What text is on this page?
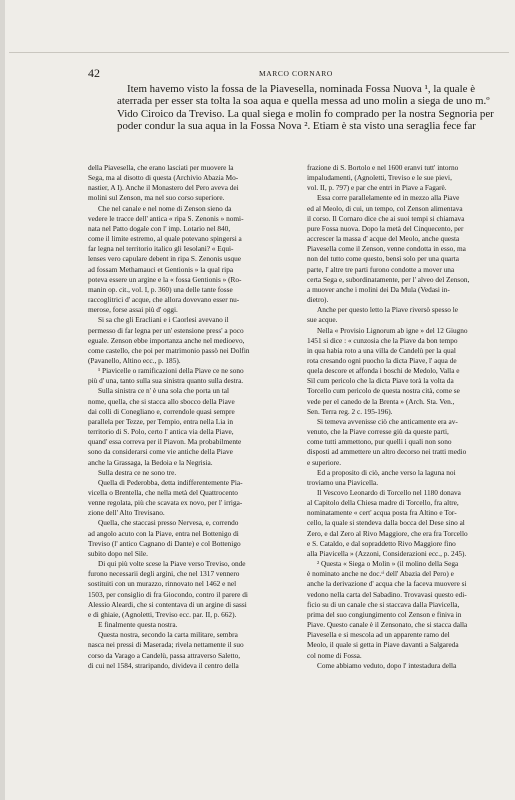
42	MARCO CORNARO
Item havemo visto la fossa de la Piavesella, nominada Fossa Nuova ¹, la quale è
aterrada per esser sta tolta la soa aqua e quella messa ad uno molin a siega de uno m.º
Vido Ciroico da Treviso. La qual siega e molin fo comprado per la nostra Segnoria per
poder condur la sua aqua in la Fossa Nova ². Etiam è sta visto una seraglia fece far
della Piavesella, che erano lasciati per muovere la
Sega, ma al disotto di questa (Archivio Abazia Mo-
nastier, A I). Anche il Monastero del Pero aveva dei
molini sul Zenson, ma nel suo corso superiore.
Che nel canale e nel nome di Zenson sieno da
vedere le tracce dell' antica « ripa S. Zenonis » nomi-
nata nel Patto dogale con l' imp. Lotario nel 840,
come il limite estremo, al quale potevano spingersi a
far legna nel territorio italico gli Iesolani? « Equi-
lenses vero capulare debent in ripa S. Zenonis usque
ad fossam Methamauci et Gentionis » la qual ripa
poteva essere un argine e la « fossa Gentionis » (Ro-
manin op. cit., vol. I, p. 360) una delle tante fosse
raccoglitrici d' acque, che allora dovevano esser nu-
merose, forse assai più d' oggi.
Si sa che gli Eracliani e i Caorlesi avevano il
permesso di far legna per un' estensione press' a poco
eguale. Zenson ebbe importanza anche nel medioevo,
come castello, che poi per matrimonio passò nei Dolfin
(Pavanello, Altino ecc., p. 185).
¹ Piavicelle o ramificazioni della Piave ce ne sono
più d' una, tanto sulla sua sinistra quanto sulla destra.
Sulla sinistra ce n' è una sola che porta un tal
nome, quella, che si stacca allo sbocco della Piave
dai colli di Conegliano e, correndole quasi sempre
parallela per Tezze, per Tempio, entra nella Lia in
territorio di S. Polo, certo l' antica via della Piave,
quand' essa correva per il Piavon. Ma probabilmente
sono da considerarsi come vie antiche della Piave
anche la Grassaga, la Bedoia e la Negrisia.
Sulla destra ce ne sono tre.
Quella di Pederobba, detta indifferentemente Pia-
vicella o Brentella, che nella metà del Quattrocento
venne regolata, più che scavata ex novo, per l' irriga-
zione dell' Alto Trevisano.
Quella, che staccasi presso Nervesa, e, correndo
ad angolo acuto con la Piave, entra nel Bottenigo di
Treviso (l' antico Cagnano di Dante) e col Bottenigo
subito dopo nel Sile.
Di qui più volte scese la Piave verso Treviso, onde
furono necessarii degli argini, che nel 1317 vennero
sostituiti con un murazzo, rinnovato nel 1462 e nel
1503, per consiglio di fra Giocondo, contro il parere di
Alessio Aleardi, che si contentava di un argine di sassi
e di ghiaie, (Agnoletti, Treviso ecc. par. II, p. 662).
E finalmente questa nostra.
Questa nostra, secondo la carta militare, sembra
nasca nei pressi di Maserada; rivela nettamente il suo
corso da Varago a Candelù, passa attraverso Saletto,
di cui nel 1584, straripando, divideva il centro della
frazione di S. Bortolo e nel 1600 eranvi tutt' intorno
impaludamenti, (Agnoletti, Treviso e le sue pievi,
vol. II, p. 797) e par che entri in Piave a Fagarè.
Essa corre parallelamente ed in mezzo alla Piave
ed al Meolo, di cui, un tempo, col Zenson alimentava
il corso. Il Cornaro dice che ai suoi tempi si chiamava
pure Fossa nuova. Dopo la metà del Cinquecento, per
accrescer la massa d' acque del Meolo, anche questa
Piavesella come il Zenson, venne condotta in esso, ma
non del tutto come questo, bensì solo per una quarta
parte, l' altre tre parti furono condotte a mover una
certa Sega e, subordinatamente, per l' alveo del Zenson,
a muover anche i molini dei Da Mula (Vedasi in-
dietro).
Anche per questo letto la Piave riversò spesso le
sue acque.
Nella « Provisio Lignorum ab igne » del 12 Giugno
1451 si dice : « cunzosia che la Piave da bon tempo
in qua habia roto a una villa de Candelù per la qual
rota cresando ogni puocho la dicta Piave, l' aqua de
quela descore et affonda i boschi de Medolo, Valla e
Sil cum pericolo che la dicta Piave torà la volta da
Torcello cum pericolo de questa nostra cità, come se
vede per el canedo de la Brenta » (Arch. Sta. Ven.,
Sen. Terra reg. 2 c. 195-196).
Si temeva avvenisse ciò che anticamente era av-
venuto, che la Piave corresse giù da queste parti,
come tutti ammettono, pur quelli i quali non sono
disposti ad ammettere un altro decorso nei tratti medio
e superiore.
Ed a proposito di ciò, anche verso la laguna noi
troviamo una Piavicella.
Il Vescovo Leonardo di Torcello nel 1180 donava
al Capitolo della Chiesa madre di Torcello, fra altre,
nominatamente « cert' acqua posta fra Altino e Tor-
cello, la quale si stendeva dalla bocca del Dese sino al
Zero, e dal Zero al Rivo Maggiore, che era fra Torcello
e S. Cataldo, e dal sopraddetto Rivo Maggiore fino
alla Piavicella » (Azzoni, Considerazioni ecc., p. 245).
² Questa « Siega o Molin » (il molino della Sega
è nominato anche ne doc.ᵗⁱ dell' Abazia del Pero) e
anche la derivazione d' acqua che la faceva muovere si
vedono nella carta del Sabadino. Trovavasi questo edi-
ficio su di un canale che si staccava dalla Piavicella,
prima del suo congiungimento col Zenson e finiva in
Piave. Questo canale è il Zensonato, che si stacca dalla
Piavesella e si mescola ad un apparente ramo del
Meolo, il quale si getta in Piave davanti a Salgareda
col nome di Fossa.
Come abbiamo veduto, dopo l' intestadura della
